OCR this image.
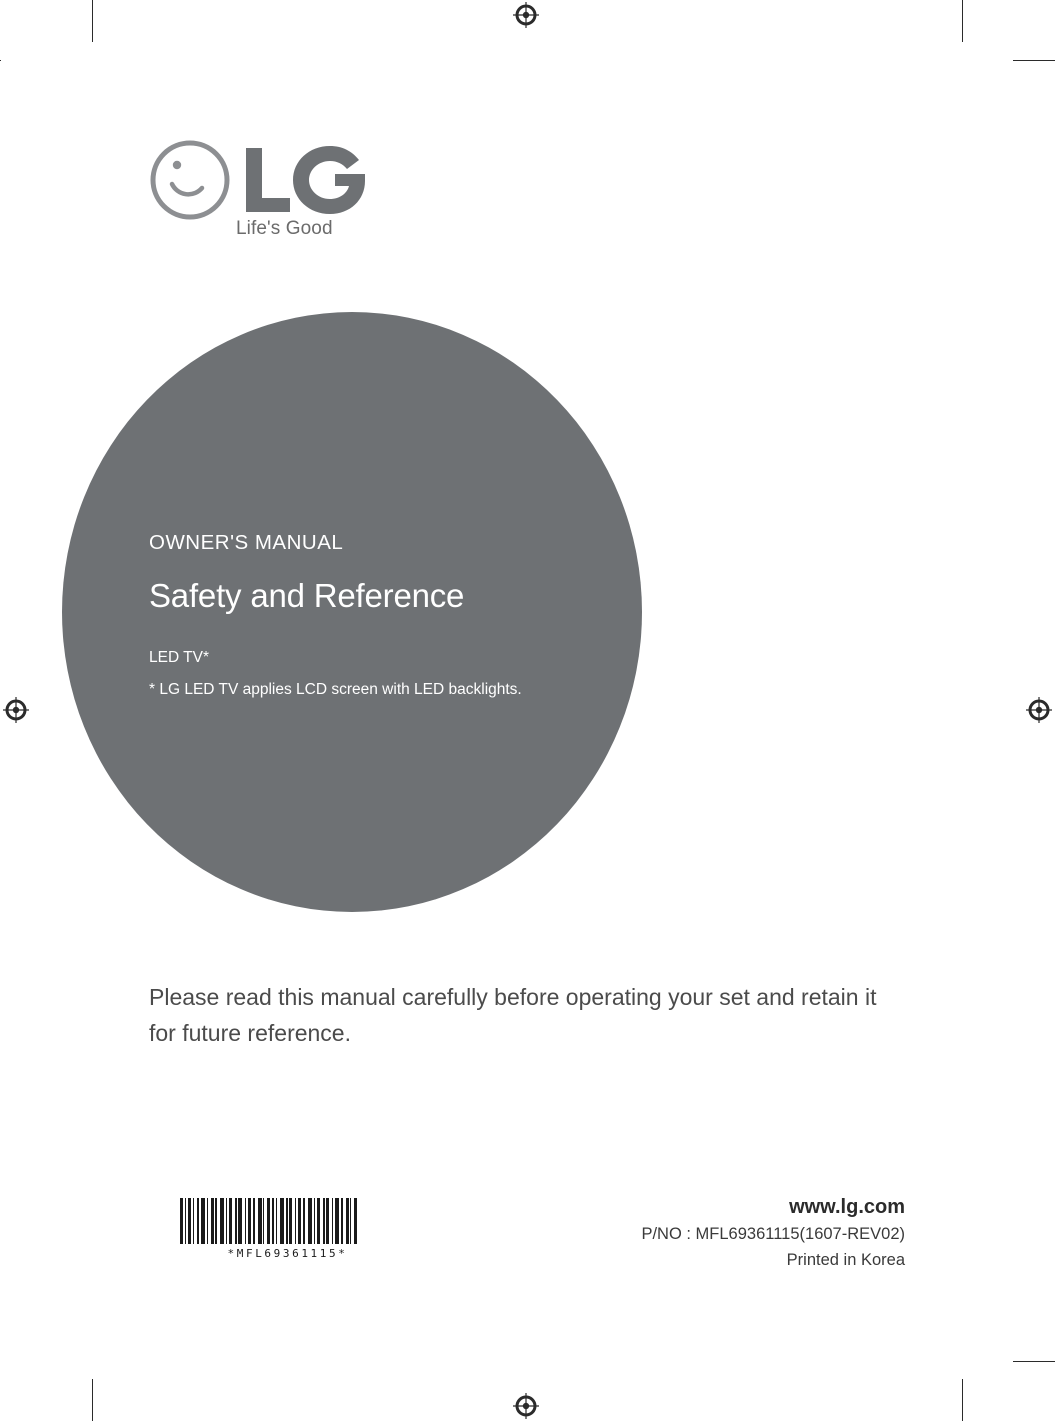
Life's Good

OWNER'S MANUAL

Safety and Reference

LED TV*

* LG LED TV applies LCD screen with LED backlights.

Please read this manual carefully before operating your set and retain it for future reference.

*MFL69361115*
www.lg.com
P/NO : MFL69361115(1607-REV02)
Printed in Korea
